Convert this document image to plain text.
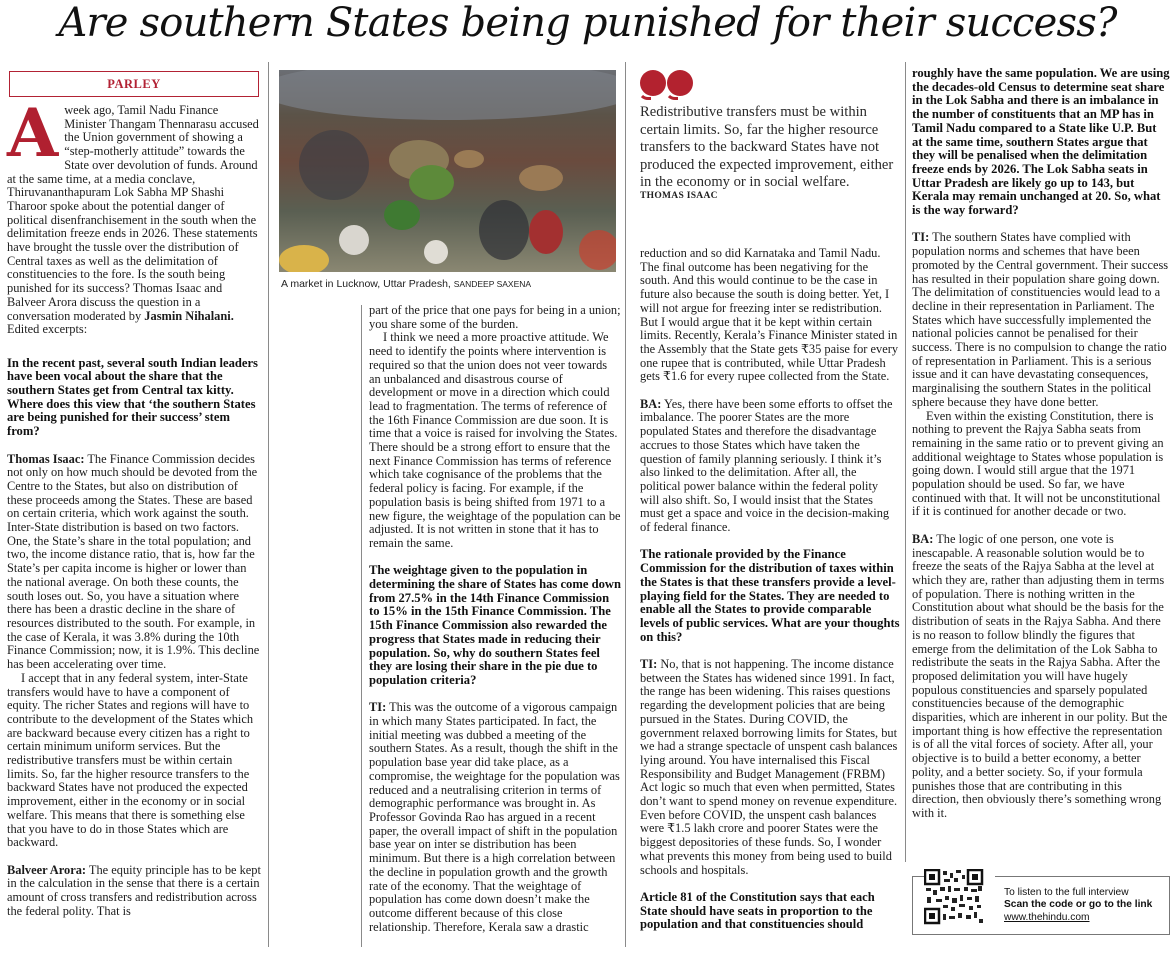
Are southern States being punished for their success?
PARLEY

Aweek ago, Tamil Nadu Finance Minister Thangam Thennarasu accused the Union government of showing a “step-motherly attitude” towards the State over devolution of funds. Around at the same time, at a media conclave, Thiruvananthapuram Lok Sabha MP Shashi Tharoor spoke about the potential danger of political disenfranchisement in the south when the delimitation freeze ends in 2026. These statements have brought the tussle over the distribution of Central taxes as well as the delimitation of constituencies to the fore. Is the south being punished for its success? Thomas Isaac and Balveer Arora discuss the question in a conversation moderated by Jasmin Nihalani. Edited excerpts:

In the recent past, several south Indian leaders have been vocal about the share that the southern States get from Central tax kitty. Where does this view that ‘the southern States are being punished for their success’ stem from?

Thomas Isaac: The Finance Commission decides not only on how much should be devoted from the Centre to the States, but also on distribution of these proceeds among the States. These are based on certain criteria, which work against the south. Inter-State distribution is based on two factors. One, the State’s share in the total population; and two, the income distance ratio, that is, how far the State’s per capita income is higher or lower than the national average. On both these counts, the south loses out. So, you have a situation where there has been a drastic decline in the share of resources distributed to the south. For example, in the case of Kerala, it was 3.8% during the 10th Finance Commission; now, it is 1.9%. This decline has been accelerating over time.

I accept that in any federal system, inter-State transfers would have to have a component of equity. The richer States and regions will have to contribute to the development of the States which are backward because every citizen has a right to certain minimum uniform services. But the redistributive transfers must be within certain limits. So, far the higher resource transfers to the backward States have not produced the expected improvement, either in the economy or in social welfare. This means that there is something else that you have to do in those States which are backward.

Balveer Arora: The equity principle has to be kept in the calculation in the sense that there is a certain amount of cross transfers and redistribution across the federal polity. That is

A market in Lucknow, Uttar Pradesh, SANDEEP SAXENA

part of the price that one pays for being in a union; you share some of the burden.

I think we need a more proactive attitude. We need to identify the points where intervention is required so that the union does not veer towards an unbalanced and disastrous course of development or move in a direction which could lead to fragmentation. The terms of reference of the 16th Finance Commission are due soon. It is time that a voice is raised for involving the States. There should be a strong effort to ensure that the next Finance Commission has terms of reference which take cognisance of the problems that the federal policy is facing. For example, if the population basis is being shifted from 1971 to a new figure, the weightage of the population can be adjusted. It is not written in stone that it has to remain the same.

The weightage given to the population in determining the share of States has come down from 27.5% in the 14th Finance Commission to 15% in the 15th Finance Commission. The 15th Finance Commission also rewarded the progress that States made in reducing their population. So, why do southern States feel they are losing their share in the pie due to population criteria?

TI: This was the outcome of a vigorous campaign in which many States participated. In fact, the initial meeting was dubbed a meeting of the southern States. As a result, though the shift in the population base year did take place, as a compromise, the weightage for the population was reduced and a neutralising criterion in terms of demographic performance was brought in. As Professor Govinda Rao has argued in a recent paper, the overall impact of shift in the population base year on inter se distribution has been minimum. But there is a high correlation between the decline in population growth and the growth rate of the economy. That the weightage of population has come down doesn’t make the outcome different because of this close relationship. Therefore, Kerala saw a drastic

Redistributive transfers must be within certain limits. So, far the higher resource transfers to the backward States have not produced the expected improvement, either in the economy or in social welfare.
THOMAS ISAAC

reduction and so did Karnataka and Tamil Nadu. The final outcome has been negativing for the south. And this would continue to be the case in future also because the south is doing better. Yet, I will not argue for freezing inter se redistribution. But I would argue that it be kept within certain limits. Recently, Kerala’s Finance Minister stated in the Assembly that the State gets ₹35 paise for every one rupee that is contributed, while Uttar Pradesh gets ₹1.6 for every rupee collected from the State.

BA: Yes, there have been some efforts to offset the imbalance. The poorer States are the more populated States and therefore the disadvantage accrues to those States which have taken the question of family planning seriously. I think it’s also linked to the delimitation. After all, the political power balance within the federal polity will also shift. So, I would insist that the States must get a space and voice in the decision-making of federal finance.

The rationale provided by the Finance Commission for the distribution of taxes within the States is that these transfers provide a level-playing field for the States. They are needed to enable all the States to provide comparable levels of public services. What are your thoughts on this?

TI: No, that is not happening. The income distance between the States has widened since 1991. In fact, the range has been widening. This raises questions regarding the development policies that are being pursued in the States. During COVID, the government relaxed borrowing limits for States, but we had a strange spectacle of unspent cash balances lying around. You have internalised this Fiscal Responsibility and Budget Management (FRBM) Act logic so much that even when permitted, States don’t want to spend money on revenue expenditure. Even before COVID, the unspent cash balances were ₹1.5 lakh crore and poorer States were the biggest depositories of these funds. So, I wonder what prevents this money from being used to build schools and hospitals.

Article 81 of the Constitution says that each State should have seats in proportion to the population and that constituencies should

roughly have the same population. We are using the decades-old Census to determine seat share in the Lok Sabha and there is an imbalance in the number of constituents that an MP has in Tamil Nadu compared to a State like U.P. But at the same time, southern States argue that they will be penalised when the delimitation freeze ends by 2026. The Lok Sabha seats in Uttar Pradesh are likely go up to 143, but Kerala may remain unchanged at 20. So, what is the way forward?

TI: The southern States have complied with population norms and schemes that have been promoted by the Central government. Their success has resulted in their population share going down. The delimitation of constituencies would lead to a decline in their representation in Parliament. The States which have successfully implemented the national policies cannot be penalised for their success. There is no compulsion to change the ratio of representation in Parliament. This is a serious issue and it can have devastating consequences, marginalising the southern States in the political sphere because they have done better.

Even within the existing Constitution, there is nothing to prevent the Rajya Sabha seats from remaining in the same ratio or to prevent giving an additional weightage to States whose population is going down. I would still argue that the 1971 population should be used. So far, we have continued with that. It will not be unconstitutional if it is continued for another decade or two.

BA: The logic of one person, one vote is inescapable. A reasonable solution would be to freeze the seats of the Rajya Sabha at the level at which they are, rather than adjusting them in terms of population. There is nothing written in the Constitution about what should be the basis for the distribution of seats in the Rajya Sabha. And there is no reason to follow blindly the figures that emerge from the delimitation of the Lok Sabha to redistribute the seats in the Rajya Sabha. After the proposed delimitation you will have hugely populous constituencies and sparsely populated constituencies because of the demographic disparities, which are inherent in our polity. But the important thing is how effective the representation is of all the vital forces of society. After all, your objective is to build a better economy, a better polity, and a better society. So, if your formula punishes those that are contributing in this direction, then obviously there’s something wrong with it.

To listen to the full interview
Scan the code or go to the link
www.thehindu.com
